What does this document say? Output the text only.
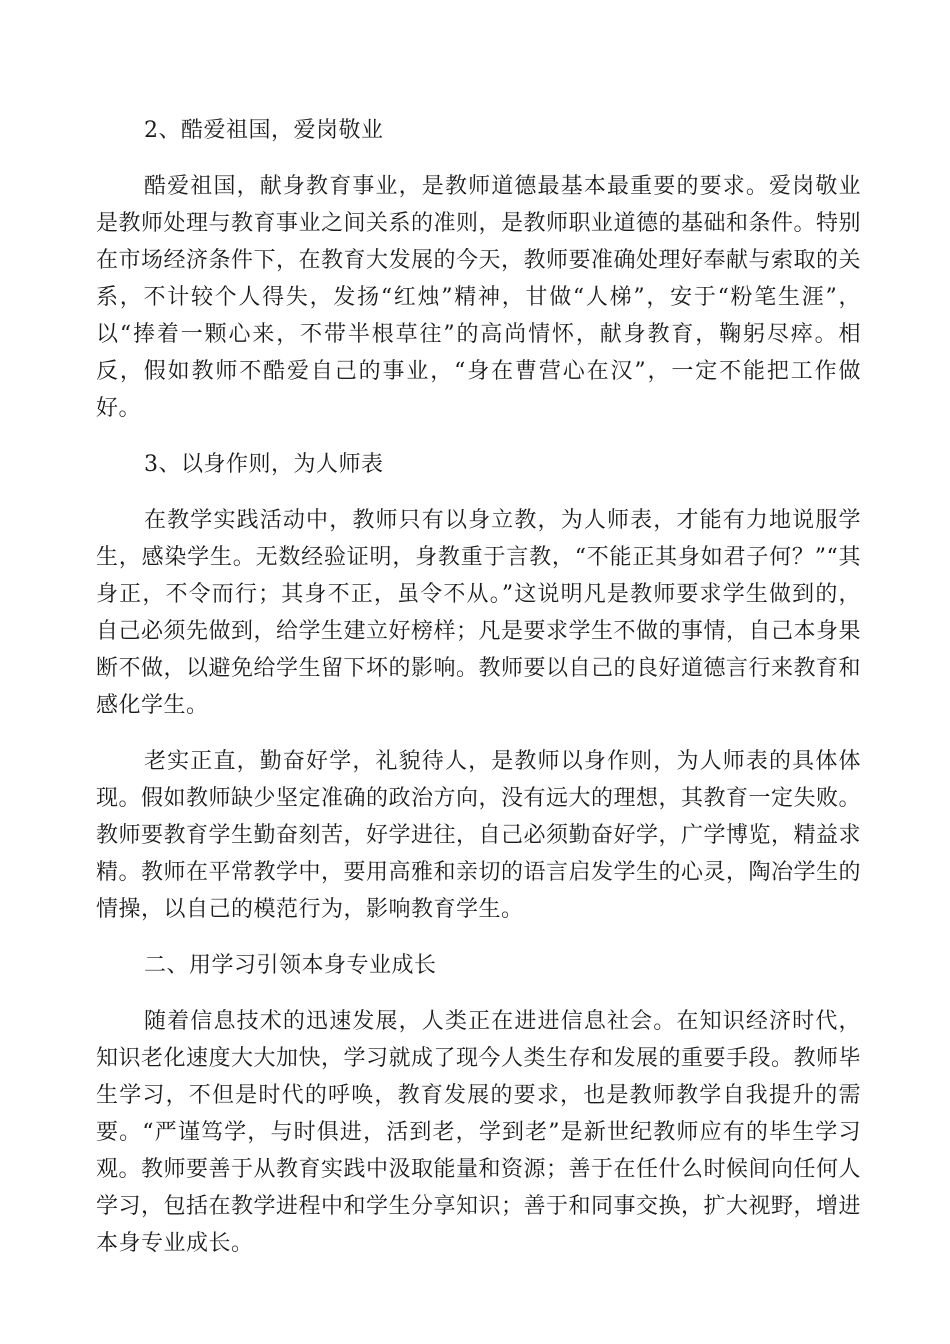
2、酷爱祖国，爱岗敬业
酷爱祖国，献身教育事业，是教师道德最基本最重要的要求。爱岗敬业是教师处理与教育事业之间关系的准则，是教师职业道德的基础和条件。特别在市场经济条件下，在教育大发展的今天，教师要准确处理好奉献与索取的关系，不计较个人得失，发扬“红烛”精神，甘做“人梯”，安于“粉笔生涯”，以“捧着一颗心来，不带半根草往”的高尚情怀，献身教育，鞠躬尽瘁。相反，假如教师不酷爱自己的事业，“身在曹营心在汉”，一定不能把工作做好。
3、以身作则，为人师表
在教学实践活动中，教师只有以身立教，为人师表，才能有力地说服学生，感染学生。无数经验证明，身教重于言教，“不能正其身如君子何？”“其身正，不令而行；其身不正，虽令不从。”这说明凡是教师要求学生做到的，自己必须先做到，给学生建立好榜样；凡是要求学生不做的事情，自己本身果断不做，以避免给学生留下坏的影响。教师要以自己的良好道德言行来教育和感化学生。
老实正直，勤奋好学，礼貌待人，是教师以身作则，为人师表的具体体现。假如教师缺少坚定准确的政治方向，没有远大的理想，其教育一定失败。教师要教育学生勤奋刻苦，好学进往，自己必须勤奋好学，广学博览，精益求精。教师在平常教学中，要用高雅和亲切的语言启发学生的心灵，陶冶学生的情操，以自己的模范行为，影响教育学生。
二、用学习引领本身专业成长
随着信息技术的迅速发展，人类正在进进信息社会。在知识经济时代，知识老化速度大大加快，学习就成了现今人类生存和发展的重要手段。教师毕生学习，不但是时代的呼唤，教育发展的要求，也是教师教学自我提升的需要。“严谨笃学，与时俱进，活到老，学到老”是新世纪教师应有的毕生学习观。教师要善于从教育实践中汲取能量和资源；善于在任什么时候间向任何人学习，包括在教学进程中和学生分享知识；善于和同事交换，扩大视野，增进本身专业成长。
